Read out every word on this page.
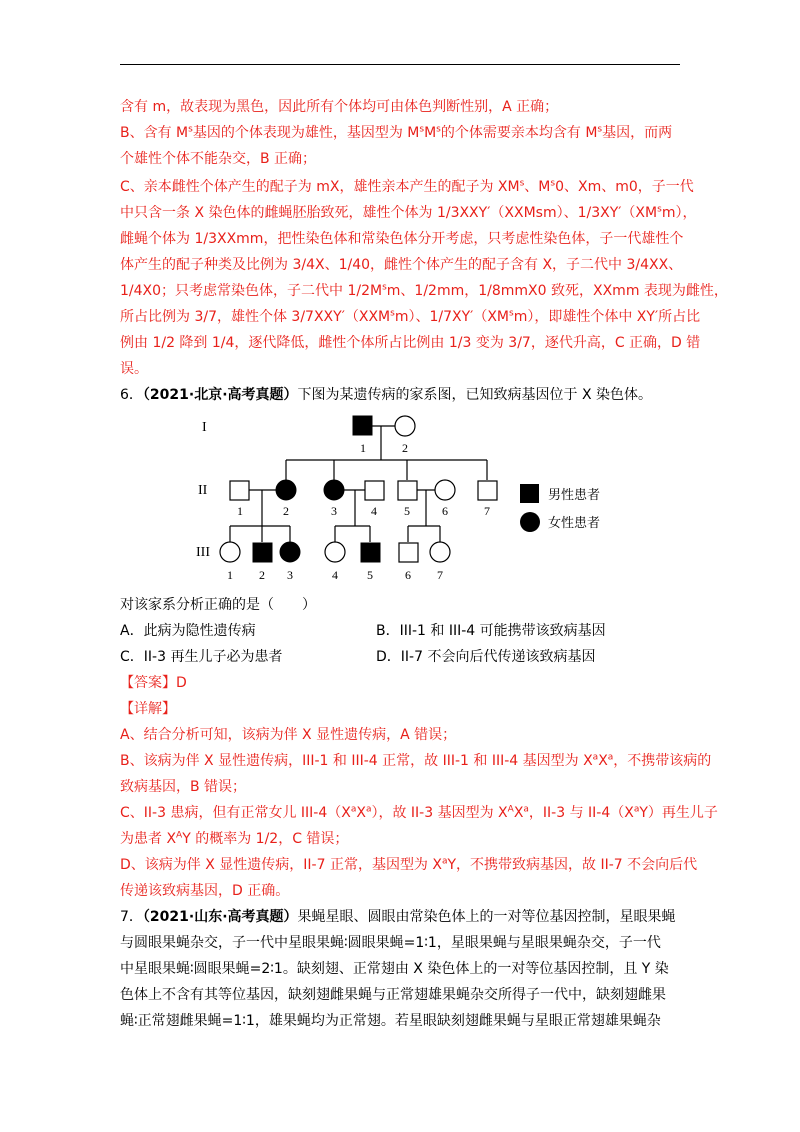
含有 m，故表现为黑色，因此所有个体均可由体色判断性别，A 正确；
B、含有 $M^s$基因的个体表现为雄性，基因型为 $M^sM^s$的个体需要亲本均含有 $M^s$基因，而两
个雄性个体不能杂交，B 正确；
C、亲本雌性个体产生的配子为 mX，雄性亲本产生的配子为 $XM^s$、$M^s0$、Xm、m0，子一代
中只含一条 X 染色体的雌蝇胚胎致死，雄性个体为 1/3XXY′（XXMsm）、$1/3XY'(XM^sm)$，
雌蝇个体为 1/3XXmm，把性染色体和常染色体分开考虑，只考虑性染色体，子一代雄性个
体产生的配子种类及比例为 3/4X、1/40，雌性个体产生的配子含有 X，子二代中 3/4XX、
1/4X0；只考虑常染色体，子二代中 $1/2M^sm$、1/2mm，1/8mmX0 致死，XXmm 表现为雌性，
所占比例为 3/7，雄性个体 3/7XXY′（XXM$^s$m）、$1/7XY'(XM^sm)$，即雄性个体中 XY′所占比
例由 1/2 降到 1/4，逐代降低，雌性个体所占比例由 1/3 变为 3/7，逐代升高，C 正确，D 错
误。
6．（2021·北京·高考真题）下图为某遗传病的家系图，已知致病基因位于 X 染色体。
I
II
III
1	2
1	2	3	4 5	6	7
1 2 3	4 5	6 7
男性患者
女性患者
对该家系分析正确的是（　　）
A．此病为隐性遗传病	B．III-1 和 III-4 可能携带该致病基因
C．II-3 再生儿子必为患者	D．II-7 不会向后代传递该致病基因
【答案】D
【详解】
A、结合分析可知，该病为伴 X 显性遗传病，A 错误；
B、该病为伴 X 显性遗传病，III-1 和 III-4 正常，故 III-1 和 III-4 基因型为 $X^aX^a$，不携带该病的
致病基因，B 错误；
C、II-3 患病，但有正常女儿 III-$4(X^aX^a)$，故 II-3 基因型为 $X^AX^a$，II-3 与 $II-4(X^aY)$再生儿子
为患者 $X^AY$ 的概率为 1/2，C 错误；
D、该病为伴 X 显性遗传病，II-7 正常，基因型为 $X^aY$，不携带致病基因，故 II-7 不会向后代
传递该致病基因，D 正确。
7．（2021·山东·高考真题）果蝇星眼、圆眼由常染色体上的一对等位基因控制，星眼果蝇
与圆眼果蝇杂交，子一代中星眼果蝇∶圆眼果蝇=1∶1，星眼果蝇与星眼果蝇杂交，子一代
中星眼果蝇∶圆眼果蝇=2∶1。缺刻翅、正常翅由 X 染色体上的一对等位基因控制，且 Y 染
色体上不含有其等位基因，缺刻翅雌果蝇与正常翅雄果蝇杂交所得子一代中，缺刻翅雌果
蝇∶正常翅雌果蝇=1∶1，雄果蝇均为正常翅。若星眼缺刻翅雌果蝇与星眼正常翅雄果蝇杂
